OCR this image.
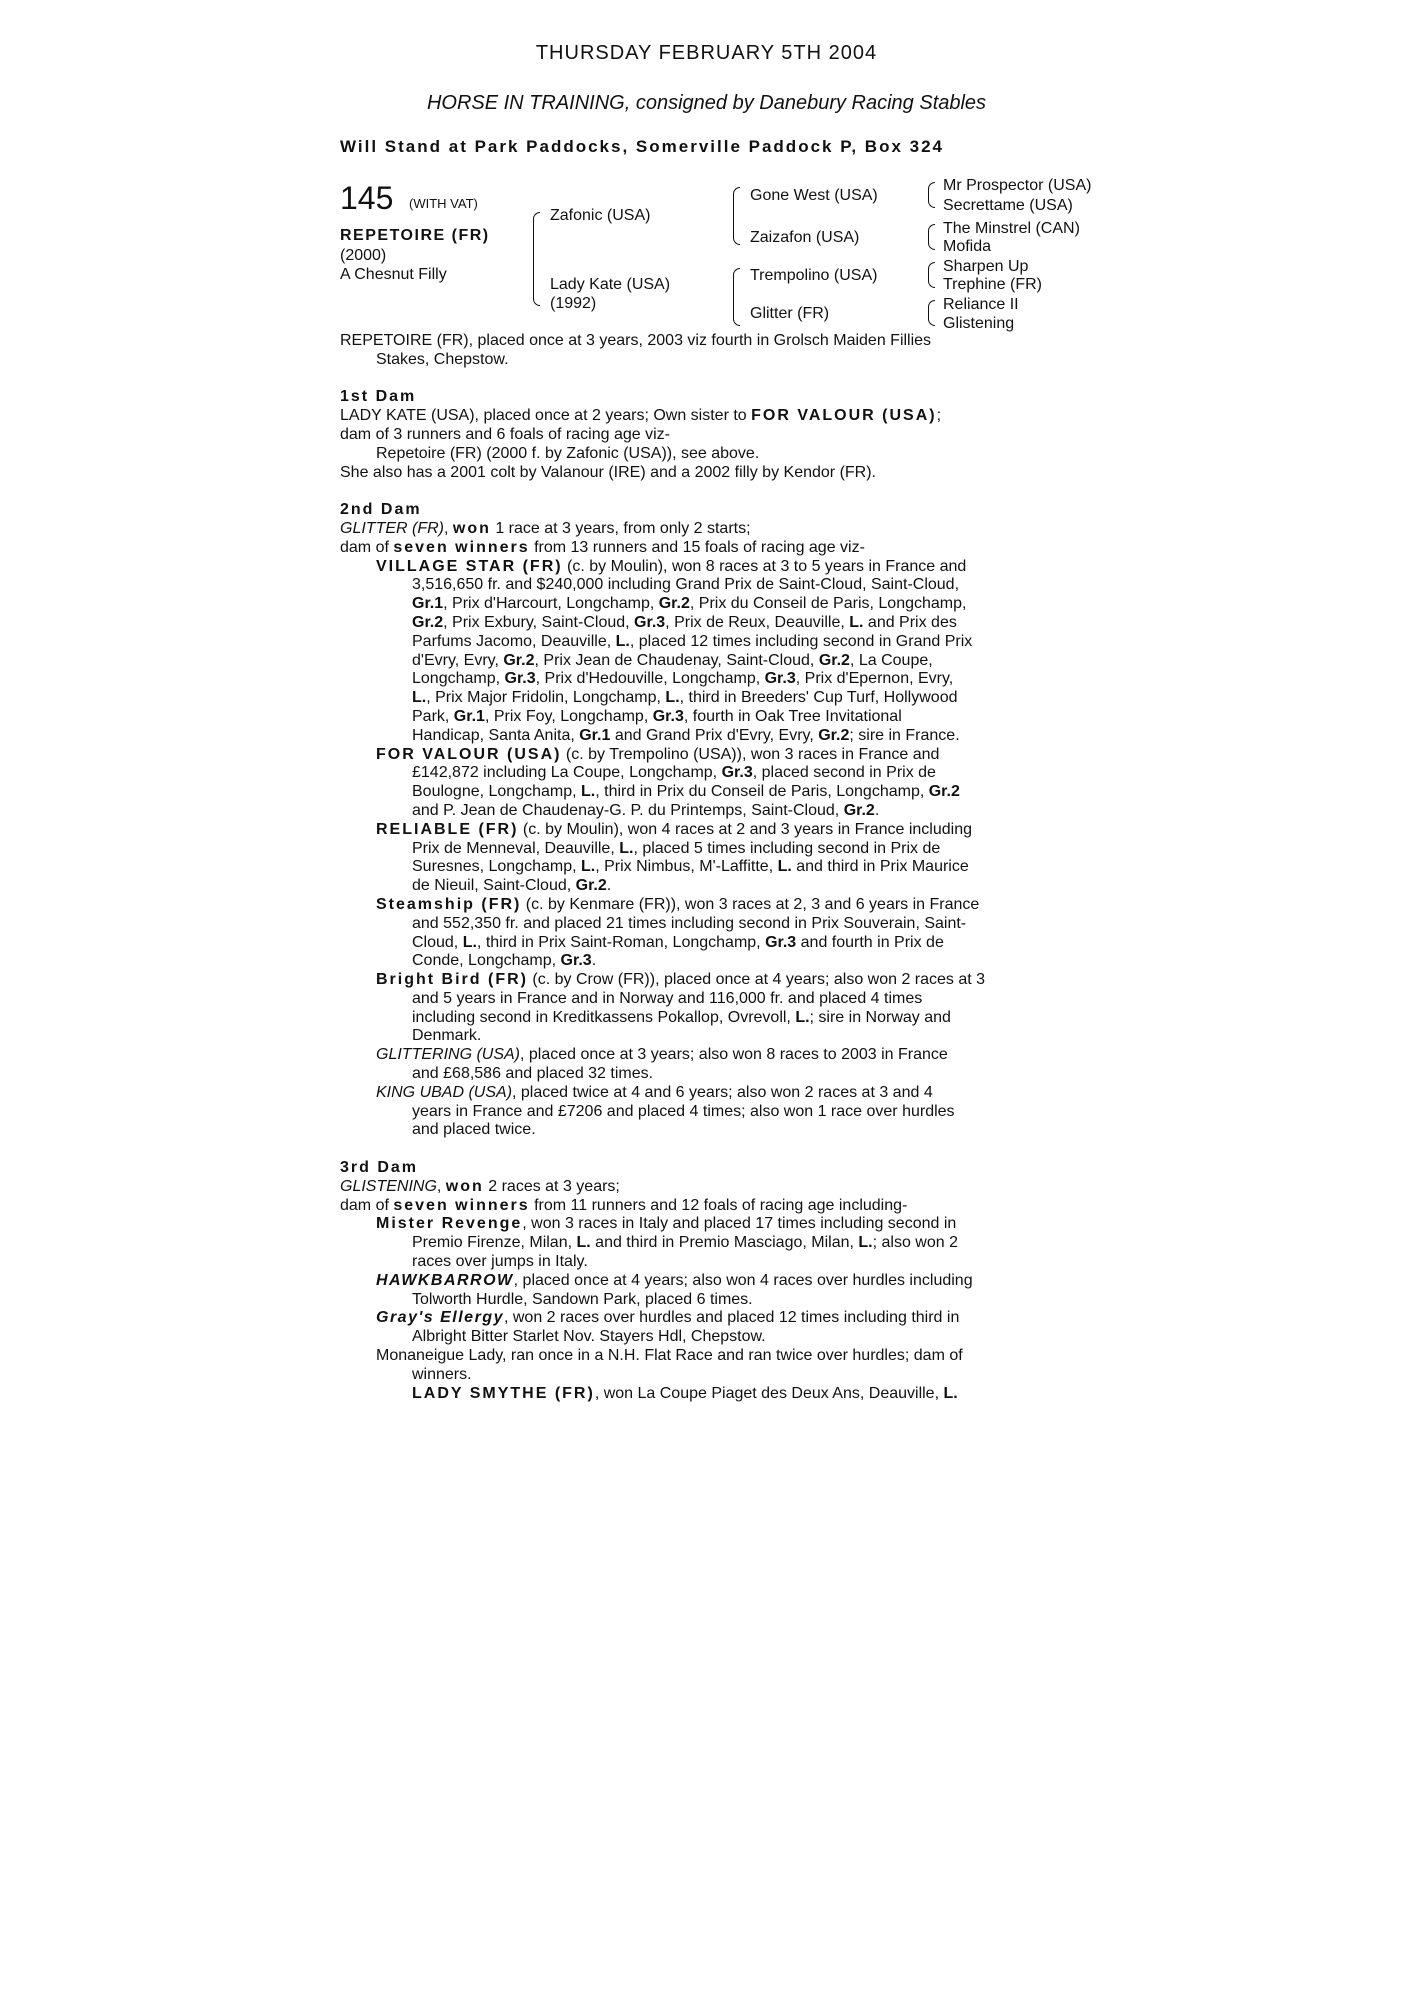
THURSDAY FEBRUARY 5TH 2004
HORSE IN TRAINING, consigned by Danebury Racing Stables
Will Stand at Park Paddocks, Somerville Paddock P, Box 324
145 (WITH VAT)
REPETOIRE (FR)
(2000)
A Chesnut Filly
Zafonic (USA)
Lady Kate (USA)
(1992)
Gone West (USA)
Zaizafon (USA)
Trempolino (USA)
Glitter (FR)
Mr Prospector (USA)
Secrettame (USA)
The Minstrel (CAN)
Mofida
Sharpen Up
Trephine (FR)
Reliance II
Glistening

REPETOIRE (FR), placed once at 3 years, 2003 viz fourth in Grolsch Maiden Fillies
Stakes, Chepstow.

1st Dam

LADY KATE (USA), placed once at 2 years; Own sister to FOR VALOUR (USA);

dam of 3 runners and 6 foals of racing age viz-

Repetoire (FR) (2000 f. by Zafonic (USA)), see above.

She also has a 2001 colt by Valanour (IRE) and a 2002 filly by Kendor (FR).

2nd Dam

GLITTER (FR), won 1 race at 3 years, from only 2 starts;

dam of seven winners from 13 runners and 15 foals of racing age viz-

VILLAGE STAR (FR) (c. by Moulin), won 8 races at 3 to 5 years in France and
3,516,650 fr. and $240,000 including Grand Prix de Saint-Cloud, Saint-Cloud,
Gr.1, Prix d'Harcourt, Longchamp, Gr.2, Prix du Conseil de Paris, Longchamp,
Gr.2, Prix Exbury, Saint-Cloud, Gr.3, Prix de Reux, Deauville, L. and Prix des
Parfums Jacomo, Deauville, L., placed 12 times including second in Grand Prix
d'Evry, Evry, Gr.2, Prix Jean de Chaudenay, Saint-Cloud, Gr.2, La Coupe,
Longchamp, Gr.3, Prix d'Hedouville, Longchamp, Gr.3, Prix d'Epernon, Evry,
L., Prix Major Fridolin, Longchamp, L., third in Breeders' Cup Turf, Hollywood
Park, Gr.1, Prix Foy, Longchamp, Gr.3, fourth in Oak Tree Invitational
Handicap, Santa Anita, Gr.1 and Grand Prix d'Evry, Evry, Gr.2; sire in France.

FOR VALOUR (USA) (c. by Trempolino (USA)), won 3 races in France and
£142,872 including La Coupe, Longchamp, Gr.3, placed second in Prix de
Boulogne, Longchamp, L., third in Prix du Conseil de Paris, Longchamp, Gr.2
and P. Jean de Chaudenay-G. P. du Printemps, Saint-Cloud, Gr.2.

RELIABLE (FR) (c. by Moulin), won 4 races at 2 and 3 years in France including
Prix de Menneval, Deauville, L., placed 5 times including second in Prix de
Suresnes, Longchamp, L., Prix Nimbus, M'-Laffitte, L. and third in Prix Maurice
de Nieuil, Saint-Cloud, Gr.2.

Steamship (FR) (c. by Kenmare (FR)), won 3 races at 2, 3 and 6 years in France
and 552,350 fr. and placed 21 times including second in Prix Souverain, Saint-
Cloud, L., third in Prix Saint-Roman, Longchamp, Gr.3 and fourth in Prix de
Conde, Longchamp, Gr.3.

Bright Bird (FR) (c. by Crow (FR)), placed once at 4 years; also won 2 races at 3
and 5 years in France and in Norway and 116,000 fr. and placed 4 times
including second in Kreditkassens Pokallop, Ovrevoll, L.; sire in Norway and
Denmark.

GLITTERING (USA), placed once at 3 years; also won 8 races to 2003 in France
and £68,586 and placed 32 times.

KING UBAD (USA), placed twice at 4 and 6 years; also won 2 races at 3 and 4
years in France and £7206 and placed 4 times; also won 1 race over hurdles
and placed twice.

3rd Dam

GLISTENING, won 2 races at 3 years;

dam of seven winners from 11 runners and 12 foals of racing age including-

Mister Revenge, won 3 races in Italy and placed 17 times including second in
Premio Firenze, Milan, L. and third in Premio Masciago, Milan, L.; also won 2
races over jumps in Italy.

HAWKBARROW, placed once at 4 years; also won 4 races over hurdles including
Tolworth Hurdle, Sandown Park, placed 6 times.

Gray's Ellergy, won 2 races over hurdles and placed 12 times including third in
Albright Bitter Starlet Nov. Stayers Hdl, Chepstow.

Monaneigue Lady, ran once in a N.H. Flat Race and ran twice over hurdles; dam of
winners.

LADY SMYTHE (FR), won La Coupe Piaget des Deux Ans, Deauville, L.
